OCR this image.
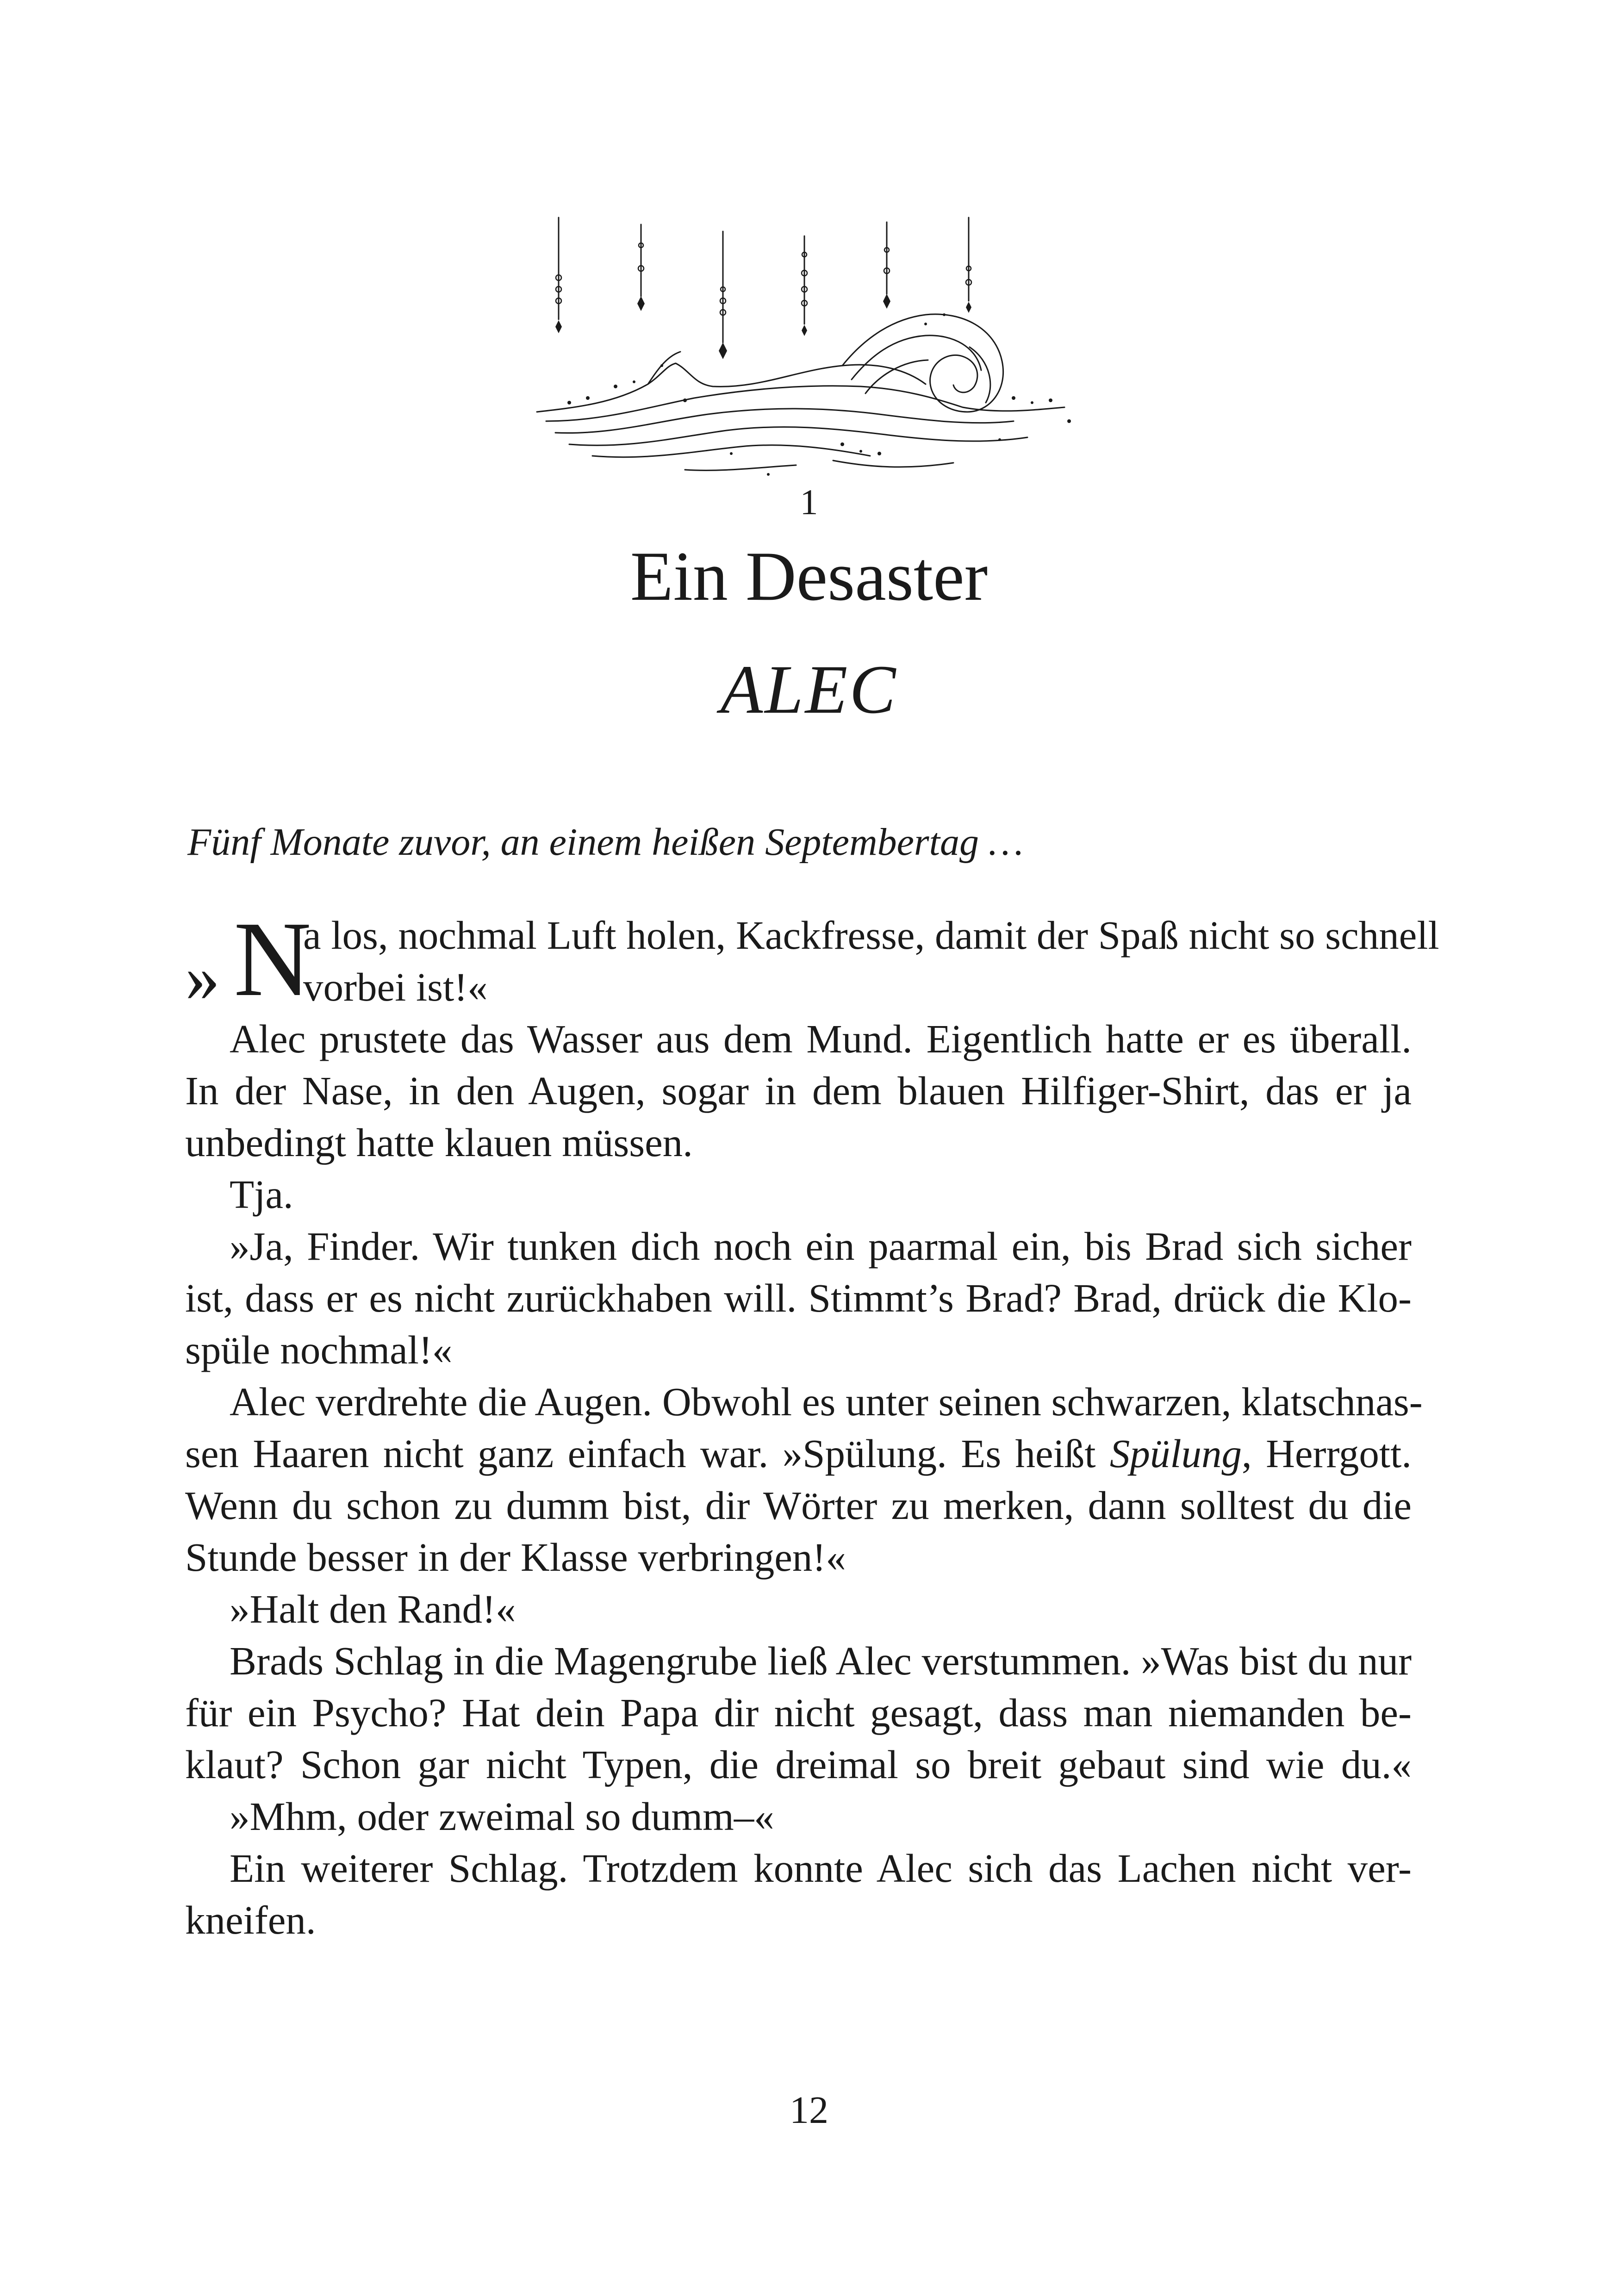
1
Ein Desaster
ALEC
Fünf Monate zuvor, an einem heißen Septembertag …
» N
a los, nochmal Luft holen, Kackfresse, damit der Spaß nicht so schnell
vorbei ist!«
Alec prustete das Wasser aus dem Mund. Eigentlich hatte er es überall.
In der Nase, in den Augen, sogar in dem blauen Hilfiger-Shirt, das er ja
unbedingt hatte klauen müssen.
Tja.
»Ja, Finder. Wir tunken dich noch ein paarmal ein, bis Brad sich sicher
ist, dass er es nicht zurückhaben will. Stimmt’s Brad? Brad, drück die Klo-
spüle nochmal!«
Alec verdrehte die Augen. Obwohl es unter seinen schwarzen, klatschnas-
sen Haaren nicht ganz einfach war. »Spülung. Es heißt Spülung, Herrgott.
Wenn du schon zu dumm bist, dir Wörter zu merken, dann solltest du die
Stunde besser in der Klasse verbringen!«
»Halt den Rand!«
Brads Schlag in die Magengrube ließ Alec verstummen. »Was bist du nur
für ein Psycho? Hat dein Papa dir nicht gesagt, dass man niemanden be-
klaut? Schon gar nicht Typen, die dreimal so breit gebaut sind wie du.«
»Mhm, oder zweimal so dumm–«
Ein weiterer Schlag. Trotzdem konnte Alec sich das Lachen nicht ver-
kneifen.
12
